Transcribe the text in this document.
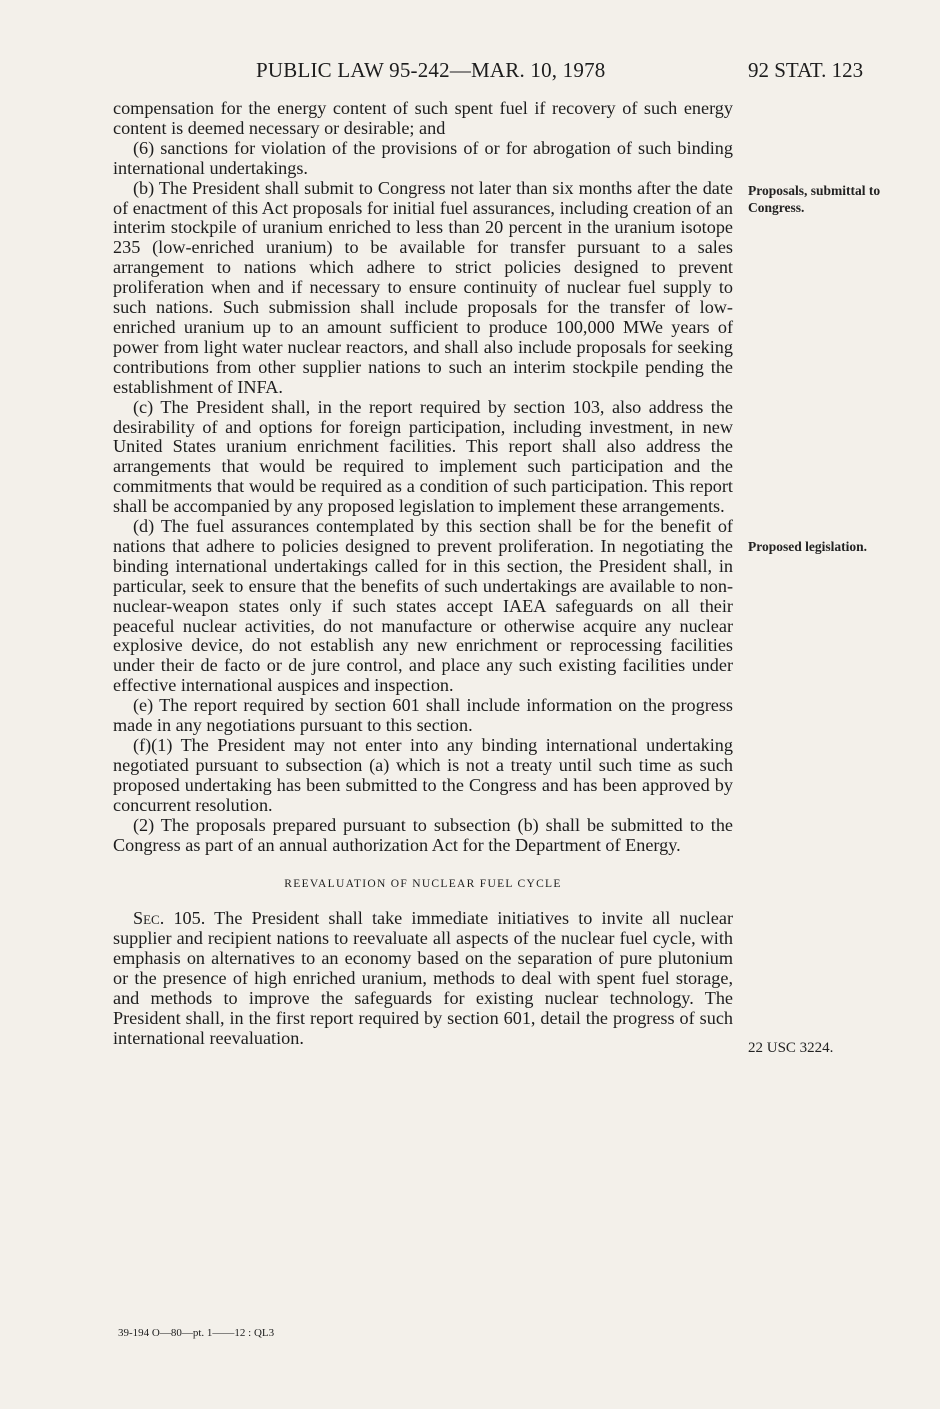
PUBLIC LAW 95-242—MAR. 10, 1978	92 STAT. 123
Proposals, submittal to Congress.
Proposed legislation.
22 USC 3224.

compensation for the energy content of such spent fuel if recovery of such energy content is deemed necessary or desirable; and

(6) sanctions for violation of the provisions of or for abrogation of such binding international undertakings.

(b) The President shall submit to Congress not later than six months after the date of enactment of this Act proposals for initial fuel assurances, including creation of an interim stockpile of uranium enriched to less than 20 percent in the uranium isotope 235 (low-enriched uranium) to be available for transfer pursuant to a sales arrangement to nations which adhere to strict policies designed to prevent proliferation when and if necessary to ensure continuity of nuclear fuel supply to such nations. Such submission shall include proposals for the transfer of low-enriched uranium up to an amount sufficient to produce 100,000 MWe years of power from light water nuclear reactors, and shall also include proposals for seeking contributions from other supplier nations to such an interim stockpile pending the establishment of INFA.

(c) The President shall, in the report required by section 103, also address the desirability of and options for foreign participation, including investment, in new United States uranium enrichment facilities. This report shall also address the arrangements that would be required to implement such participation and the commitments that would be required as a condition of such participation. This report shall be accompanied by any proposed legislation to implement these arrangements.

(d) The fuel assurances contemplated by this section shall be for the benefit of nations that adhere to policies designed to prevent proliferation. In negotiating the binding international undertakings called for in this section, the President shall, in particular, seek to ensure that the benefits of such undertakings are available to non-nuclear-weapon states only if such states accept IAEA safeguards on all their peaceful nuclear activities, do not manufacture or otherwise acquire any nuclear explosive device, do not establish any new enrichment or reprocessing facilities under their de facto or de jure control, and place any such existing facilities under effective international auspices and inspection.

(e) The report required by section 601 shall include information on the progress made in any negotiations pursuant to this section.

(f)(1) The President may not enter into any binding international undertaking negotiated pursuant to subsection (a) which is not a treaty until such time as such proposed undertaking has been submitted to the Congress and has been approved by concurrent resolution.

(2) The proposals prepared pursuant to subsection (b) shall be submitted to the Congress as part of an annual authorization Act for the Department of Energy.

REEVALUATION OF NUCLEAR FUEL CYCLE

Sec. 105. The President shall take immediate initiatives to invite all nuclear supplier and recipient nations to reevaluate all aspects of the nuclear fuel cycle, with emphasis on alternatives to an economy based on the separation of pure plutonium or the presence of high enriched uranium, methods to deal with spent fuel storage, and methods to improve the safeguards for existing nuclear technology. The President shall, in the first report required by section 601, detail the progress of such international reevaluation.

39-194 O—80—pt. 1——12 : QL3
